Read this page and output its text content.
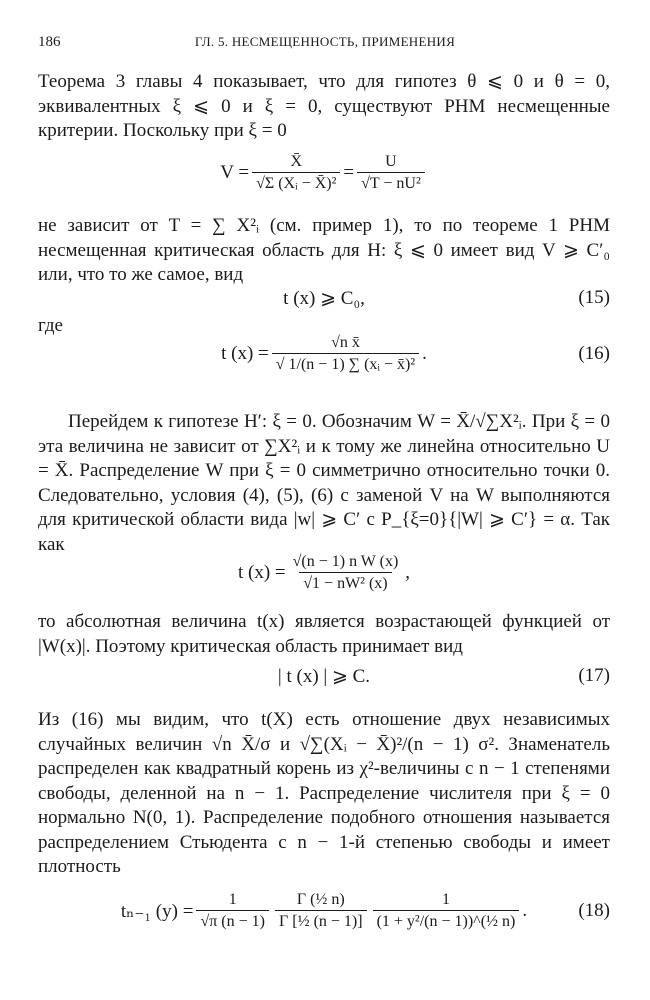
186	ГЛ. 5. НЕСМЕЩЕННОСТЬ, ПРИМЕНЕНИЯ

Теорема 3 главы 4 показывает, что для гипотез θ ⩽ 0 и θ = 0, эквивалентных ξ ⩽ 0 и ξ = 0, существуют РНМ несмещенные критерии. Поскольку при ξ = 0

$V = \frac{X̄}{\text{√Σ (Xᵢ − X̄)²}} = \frac{U}{\text{√T − nU²}}$

не зависит от T = ∑ X²ᵢ (см. пример 1), то по теореме 1 РНМ несмещенная критическая область для H: ξ ⩽ 0 имеет вид V ⩾ C′₀ или, что то же самое, вид

t (x) ⩾ C₀,	(15)

где

t $(x) = \frac{\text{√n x̄}}{\text{√ 1/(n − 1) ∑ (xᵢ − x̄)²}}$ .	(16)

Перейдем к гипотезе H′: ξ = 0. Обозначим W = X̄/√∑X²ᵢ. При ξ = 0 эта величина не зависит от ∑X²ᵢ и к тому же линейна относительно U = X̄. Распределение W при ξ = 0 симметрично относительно точки 0. Следовательно, условия (4), (5), (6) с заменой V на W выполняются для критической области вида |w| ⩾ C′ с P_{ξ=0}{|W| ⩾ C′} = α. Так как

t $(x) = \frac{\text{√(n − 1) n W (x)}}{\text{√1 − nW² (x)}}$ ,

то абсолютная величина t(x) является возрастающей функцией от |W(x)|. Поэтому критическая область принимает вид

| t (x) | ⩾ C.	(17)

Из (16) мы видим, что t(X) есть отношение двух независимых случайных величин √n X̄/σ и √∑(Xᵢ − X̄)²/(n − 1) σ². Знаменатель распределен как квадратный корень из χ²-величины с n − 1 степенями свободы, деленной на n − 1. Распределение числителя при ξ = 0 нормально N(0, 1). Распределение подобного отношения называется распределением Стьюдента с n − 1-й степенью свободы и имеет плотность

tₙ₋₁ $(y) = \frac{1}{√\pi (n - 1)} \frac{\text{Γ (½ n)}}{\text{Γ [½ (n − 1)]}} \frac{1}{\text{(1 + y²/(n − 1))\textasciicircum{}(½ n)}}$ .	(18)
